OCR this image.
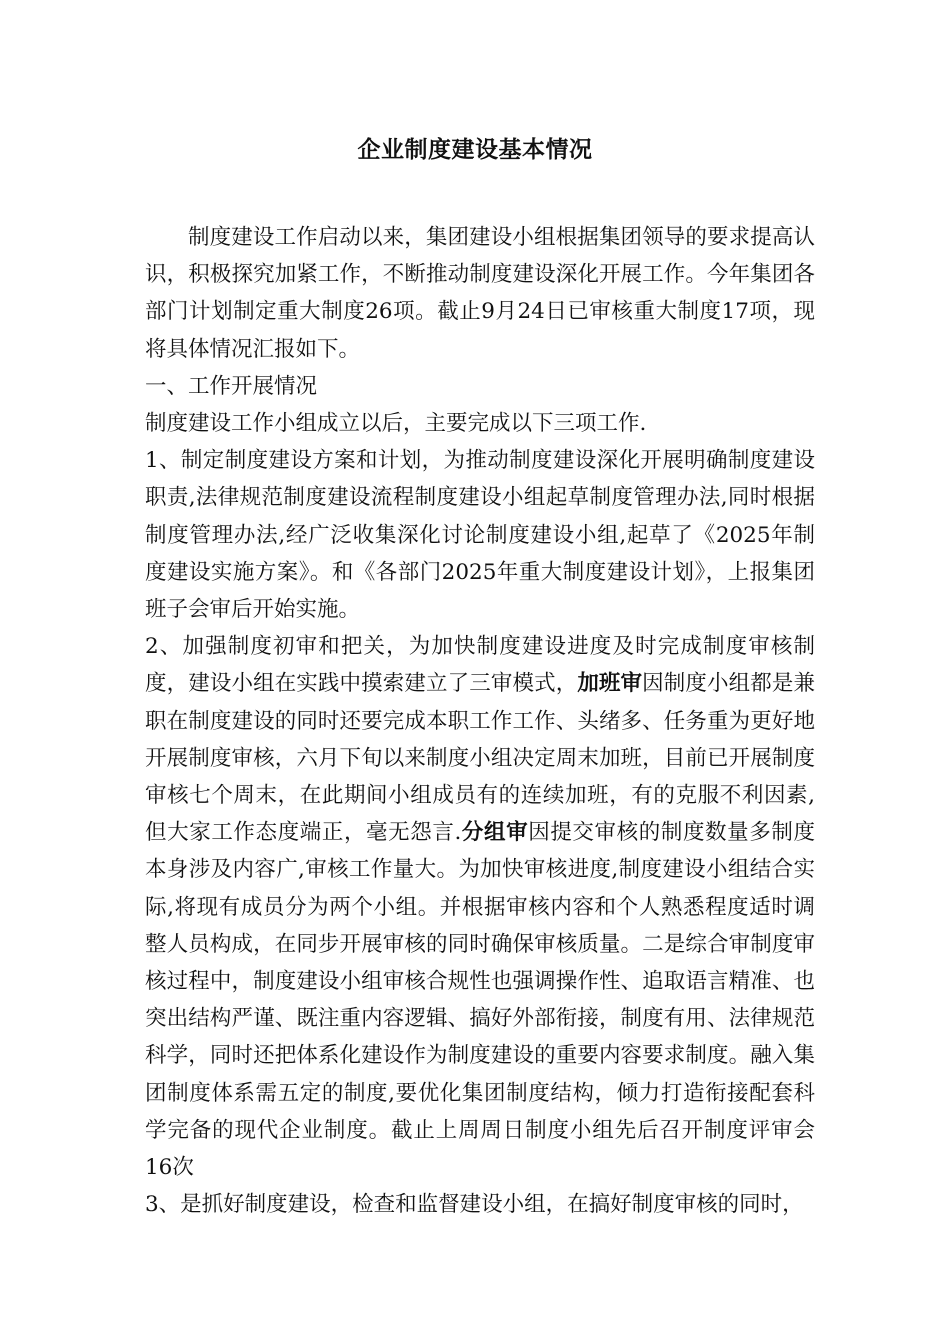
企业制度建设基本情况

制度建设工作启动以来，集团建设小组根据集团领导的要求提高认识，积极探究加紧工作，不断推动制度建设深化开展工作。今年集团各部门计划制定重大制度26项。截止9月24日已审核重大制度17项，现将具体情况汇报如下。

一、工作开展情况

制度建设工作小组成立以后，主要完成以下三项工作.

1、制定制度建设方案和计划，为推动制度建设深化开展明确制度建设职责,法律规范制度建设流程制度建设小组起草制度管理办法,同时根据制度管理办法,经广泛收集深化讨论制度建设小组,起草了《2025年制度建设实施方案》。和《各部门2025年重大制度建设计划》，上报集团班子会审后开始实施。

2、加强制度初审和把关，为加快制度建设进度及时完成制度审核制度，建设小组在实践中摸索建立了三审模式，加班审因制度小组都是兼职在制度建设的同时还要完成本职工作工作、头绪多、任务重为更好地开展制度审核，六月下旬以来制度小组决定周末加班，目前已开展制度审核七个周末，在此期间小组成员有的连续加班，有的克服不利因素,但大家工作态度端正，毫无怨言.分组审因提交审核的制度数量多制度本身涉及内容广,审核工作量大。为加快审核进度,制度建设小组结合实际,将现有成员分为两个小组。并根据审核内容和个人熟悉程度适时调整人员构成，在同步开展审核的同时确保审核质量。二是综合审制度审核过程中，制度建设小组审核合规性也强调操作性、追取语言精准、也突出结构严谨、既注重内容逻辑、搞好外部衔接，制度有用、法律规范科学，同时还把体系化建设作为制度建设的重要内容要求制度。融入集团制度体系需五定的制度,要优化集团制度结构，倾力打造衔接配套科学完备的现代企业制度。截止上周周日制度小组先后召开制度评审会16次

3、是抓好制度建设，检查和监督建设小组，在搞好制度审核的同时，
